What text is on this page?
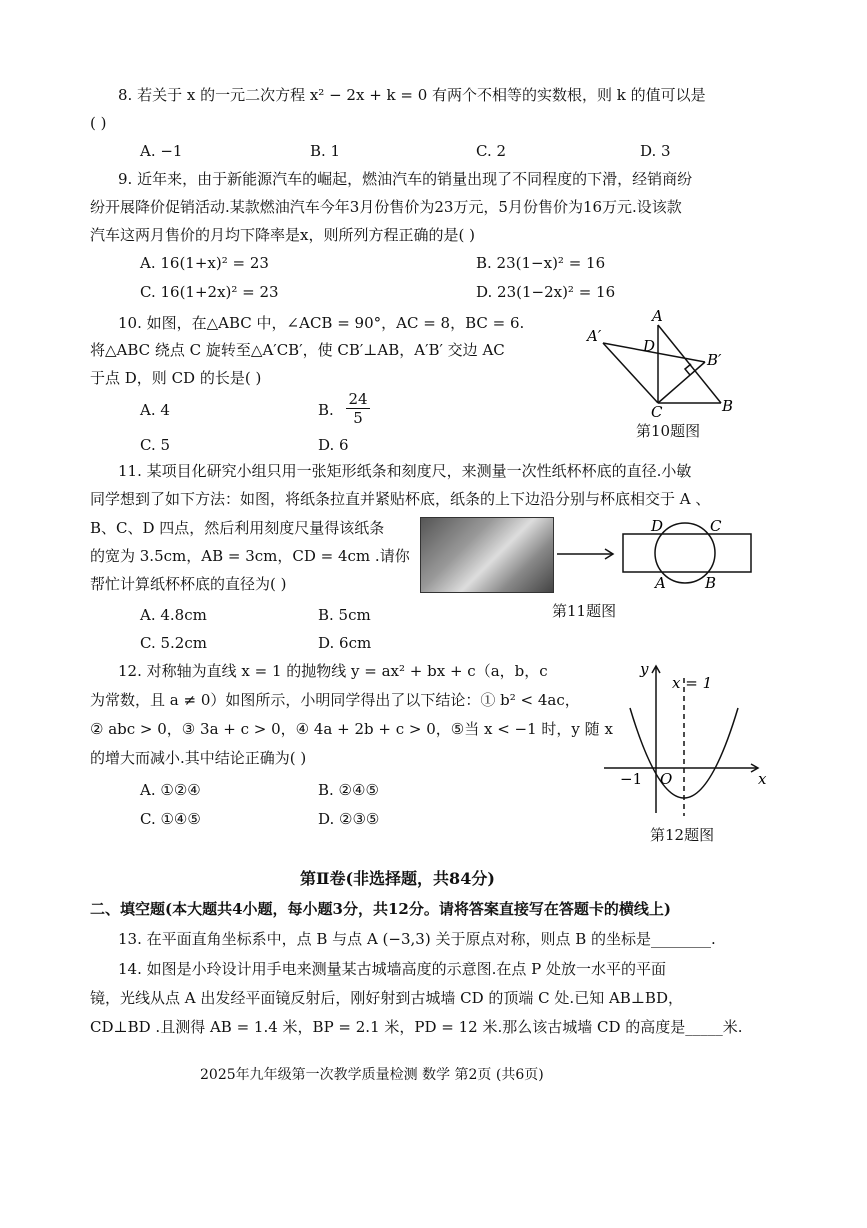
8. 若关于 x 的一元二次方程 x² − 2x + k = 0 有两个不相等的实数根，则 k 的值可以是
( )
A. −1	B. 1	C. 2	D. 3
9. 近年来，由于新能源汽车的崛起，燃油汽车的销量出现了不同程度的下滑，经销商纷
纷开展降价促销活动.某款燃油汽车今年3月份售价为23万元，5月份售价为16万元.设该款
汽车这两月售价的月均下降率是x，则所列方程正确的是( )
A. 16(1+x)² = 23	B. 23(1−x)² = 16
C. 16(1+2x)² = 23	D. 23(1−2x)² = 16
10. 如图，在△ABC 中，∠ACB = 90°，AC = 8，BC = 6.
将△ABC 绕点 C 旋转至△A′CB′，使 CB′⊥AB，A′B′ 交边 AC
于点 D，则 CD 的长是( )
A. 4	B. $\frac{24}{5}$
C. 5	D. 6
A
A′
D
B′
C	B
第10题图
11. 某项目化研究小组只用一张矩形纸条和刻度尺，来测量一次性纸杯杯底的直径.小敏
同学想到了如下方法：如图，将纸条拉直并紧贴杯底，纸条的上下边沿分别与杯底相交于 A 、
B、C、D 四点，然后利用刻度尺量得该纸条
的宽为 3.5cm，AB = 3cm，CD = 4cm .请你
帮忙计算纸杯杯底的直径为( )
A. 4.8cm	B. 5cm
C. 5.2cm	D. 6cm
D	C
A	B
第11题图
12. 对称轴为直线 x = 1 的抛物线 y = ax² + bx + c（a，b，c
为常数，且 a ≠ 0）如图所示，小明同学得出了以下结论：① b² < 4ac，
② abc > 0，③ 3a + c > 0，④ 4a + 2b + c > 0，⑤当 x < −1 时，y 随 x
的增大而减小.其中结论正确为( )
A. ①②④	B. ②④⑤
C. ①④⑤	D. ②③⑤
y
x = 1
−1 O	x
第12题图
第Ⅱ卷(非选择题，共84分)
二、填空题(本大题共4小题，每小题3分，共12分。请将答案直接写在答题卡的横线上)
13. 在平面直角坐标系中，点 B 与点 A (−3,3) 关于原点对称，则点 B 的坐标是________.
14. 如图是小玲设计用手电来测量某古城墙高度的示意图.在点 P 处放一水平的平面
镜，光线从点 A 出发经平面镜反射后，刚好射到古城墙 CD 的顶端 C 处.已知 AB⊥BD，
CD⊥BD .且测得 AB = 1.4 米，BP = 2.1 米，PD = 12 米.那么该古城墙 CD 的高度是_____米.
2025年九年级第一次教学质量检测 数学 第2页 (共6页)
